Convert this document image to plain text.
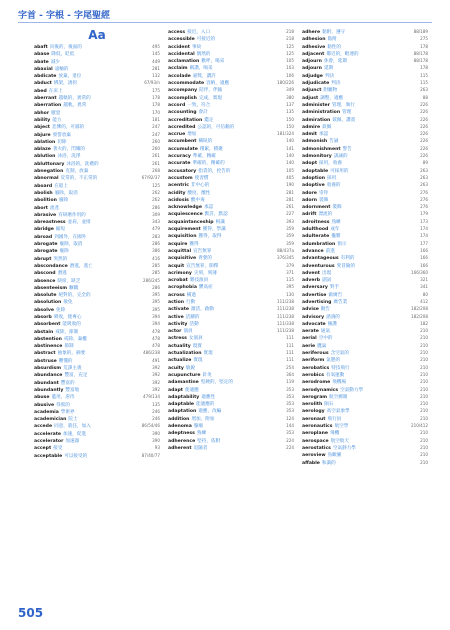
字首 - 字根 - 字尾聖經
Aa
abaft 向後的，後面的	495
abase 降低，貶低	145
abate 減少	449
abaxial 遠軸的	281
abdicate 放棄，退位	132
abduct 綁架，誘拐	67/93/n
abed 在床上	175
aberrant 越軌的，異常的	178
aberration 越軌，異常	178
abhor 厭惡	170
ability 能力	181
abject 悲慘的，可鄙的	247
abjure 發誓放棄	247
ablation 切除	260
ablaze 著火的，閃耀的	260
ablution 沐浴，洗淨	261
abluttonary 沐浴的，洗禮的	261
abnegation 克制，放棄	268
abnormal 反常的，不正常的	67/92/37
aboard 在船上	125
abolish 廢除，取消	262
abolition 廢除	262
abort 流產	286
abrasive 有研磨作用的	309
abreastness 並肩，並排	343
abridge 縮短	479
abroad 到國外，在國外	283
abrogate 廢除，取消	286
abrogate 廢除	386
abrupt 突然的	416
abscondance 潛逃，逃亡	285
abscond 潛逃	285
absence 缺席，缺乏	286/245
absenteeism 曠職	286
absolute 絕對的，完全的	395
absolution 赦免	395
absolve 免除	395
absorb 吸收，使專心	394
absorbent 能吸收的	394
abstain 戒除，節制	478
abstention 戒除，棄權	478
abstinence 節制	478
abstract 抽象的，摘要	486/238
abstruse 難懂的	491
absurdism 荒謬主義	392
abundance 豐富，充足	392
abundant 豐富的	392
abundantly 豐富地	392
abuse 濫用，虐待	479/134
abusive 辱罵的	135
academia 學術界	246
academician 院士	246
accede 同意，就任，加入	86/54/46
accelerate 加速，促進	390
accelerator 加速器	390
accept 接受	93
acceptable 可以接受的	87/40/77
access 接近，入口	218
accessible 可接近的	218
accident 事故	125
accidental 偶然的	125
acclamation 歡呼，喝采	105
acclaim 稱讚，喝采	103
accolade 嘉獎，讚許	106
accommodate 容納，適應	180/226
accompany 陪伴，伴隨	349
accomplish 完成，實現	380
accord 一致，符合	137
accounting 會計	135
accreditation 鑑定	150
accredited 公認的，可信賴的	150
accrue 增加	181/324
accumbent 橫臥的	140
accumulate 積累，積聚	141
accuracy 準確，精確	140
accurate 準確的，精確的	140
accusatory 指責的，控告的	105
accustom 使習慣	405
acentric 非中心的	190
acidity 酸度，酸性	281
acidosis 酸中毒	281
acknowledge 承認	261
acquiescence 默許，默認	227
acquaintanceship 相識	393
acquirement 獲得，學識	359
acquisition 獲得，取得	359
acquire 獲得	359
acquittal 宣告無罪	88/437a
acquisitive 貪婪的	376/345
acquit 宣告無罪，開釋	379
acrimony 尖刻，刻薄	371
acrobat 雜技演員	115
acrophobia 懼高症	395
across 橫過	130
action 行動	111/238
activate 激活，啟動	111/238
active 活躍的	111/238
activity 活動	111/338
actor 演員	111/238
actress 女演員	111
actuality 現實	111
actualization 實現	111
actualize 實現	111
acuity 敏銳	254
acupuncture 針灸	364
adamantine 堅硬的，堅定的	119
adapt 使適應	353
adaptability 適應性	353
adaptable 能適應的	353
adaptation 適應，改編	353
addition 增加，附加	124
adenoma 腺瘤	144
adeptness 熟練	353
adherence 堅持，依附	224
adherent 追隨者	224
adhere 黏附，遵守	88/189
adhesion 黏附	275
adhesive 黏性的	178
adjacent 鄰近的，毗連的	88/178
adjourn 休會，延期	88/178
adjourn 延期	178
adjudge 判決	115
adjudicate 判決	115
adjunct 附屬物	263
adjust 調整，適應	88
administer 管理，執行	226
administration 管理	226
admiration 欽佩，讚賞	226
admire 欽佩	226
admit 承認	226
admonish 告誡	226
admonishment 警告	226
admonitory 訓誡的	226
adopt 採用，收養	89
adoptable 可採用的	263
adoption 採用	263
adoptive 收養的	263
adore 崇拜	276
adorn 裝飾	276
adornment 裝飾	276
adrift 漂流的	179
adroitness 熟練	173
adulthood 成年	174
adulterate 攙雜	174
adumbration 預示	177
advance 前進	166
advantageous 有利的	166
adventurous 愛冒險的	166
advent 出現	166/360
adverb 副詞	321
adversary 對手	341
advertise 做廣告	80
advertising 廣告業	412
advise 勸告	182/208
advisory 諮詢的	182/208
advocate 擁護	182
aerate 通氣	210
aerial 空中的	210
aerie 鷹巢	210
aeriferous 含空氣的	210
aeriform 氣態的	210
aerobatics 特技飛行	210
aerobics 有氧運動	210
aerodrome 飛機場	210
aerodynamics 空氣動力學	210
aerogram 航空郵簡	210
aerolith 隕石	210
aerology 高空氣象學	210
aeronaut 飛行員	210
aeronautics 航空學	210/412
aeroplane 飛機	210
aerospace 航空航天	210
aerostatics 空氣靜力學	210
aeroview 鳥瞰圖	210
affable 和藹的	210
505
